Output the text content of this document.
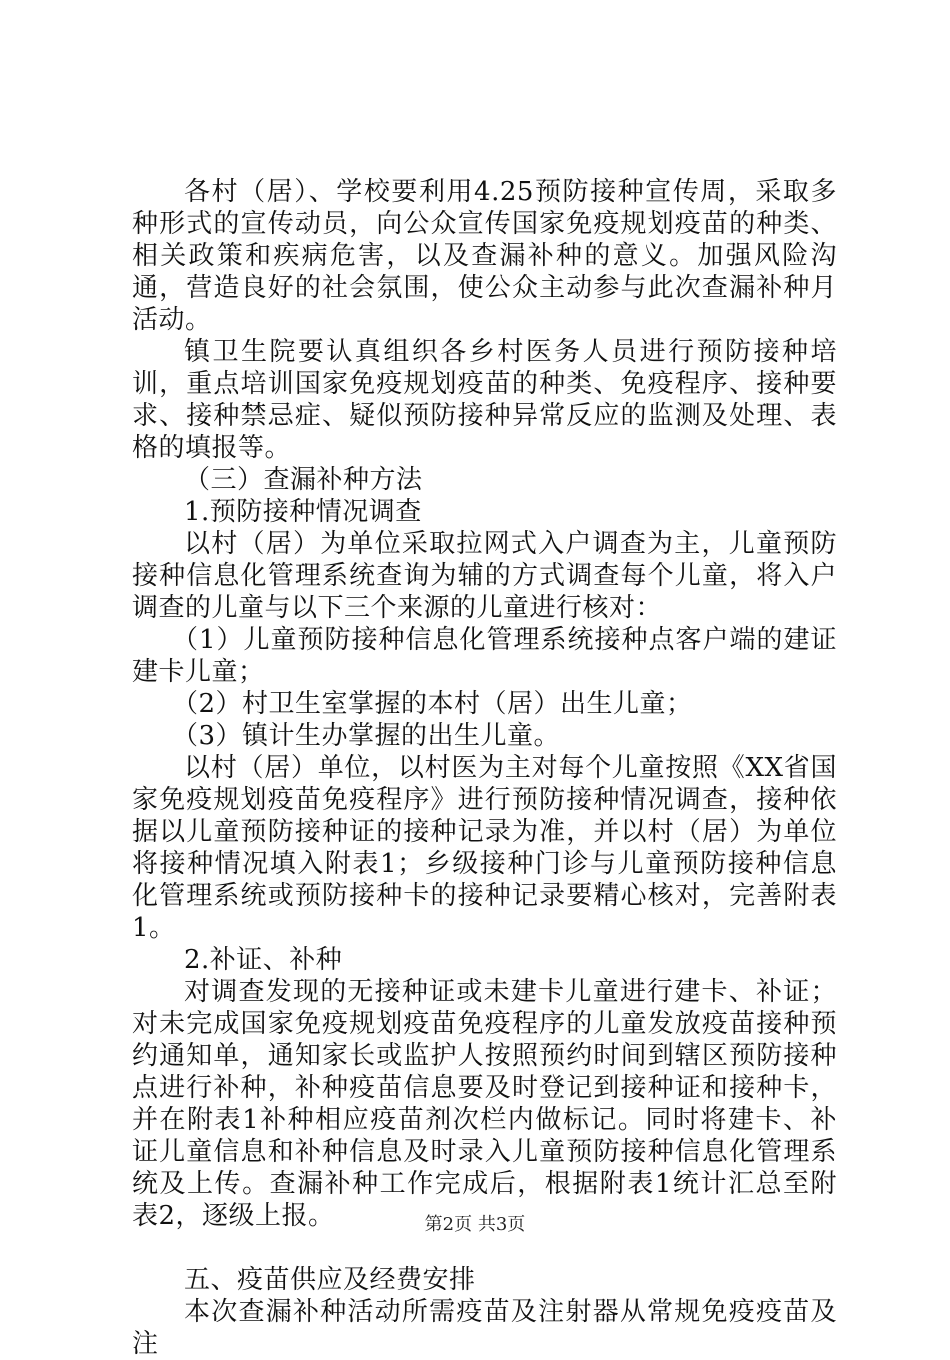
各村（居）、学校要利用4.25预防接种宣传周，采取多种形式的宣传动员，向公众宣传国家免疫规划疫苗的种类、相关政策和疾病危害，以及查漏补种的意义。加强风险沟通，营造良好的社会氛围，使公众主动参与此次查漏补种月活动。

镇卫生院要认真组织各乡村医务人员进行预防接种培训，重点培训国家免疫规划疫苗的种类、免疫程序、接种要求、接种禁忌症、疑似预防接种异常反应的监测及处理、表格的填报等。

（三）查漏补种方法

1.预防接种情况调查

以村（居）为单位采取拉网式入户调查为主，儿童预防接种信息化管理系统查询为辅的方式调查每个儿童，将入户调查的儿童与以下三个来源的儿童进行核对：

（1）儿童预防接种信息化管理系统接种点客户端的建证建卡儿童；

（2）村卫生室掌握的本村（居）出生儿童；

（3）镇计生办掌握的出生儿童。

以村（居）单位，以村医为主对每个儿童按照《XX省国家免疫规划疫苗免疫程序》进行预防接种情况调查，接种依据以儿童预防接种证的接种记录为准，并以村（居）为单位将接种情况填入附表1；乡级接种门诊与儿童预防接种信息化管理系统或预防接种卡的接种记录要精心核对，完善附表1。

2.补证、补种

对调查发现的无接种证或未建卡儿童进行建卡、补证；对未完成国家免疫规划疫苗免疫程序的儿童发放疫苗接种预约通知单，通知家长或监护人按照预约时间到辖区预防接种点进行补种，补种疫苗信息要及时登记到接种证和接种卡，并在附表1补种相应疫苗剂次栏内做标记。同时将建卡、补证儿童信息和补种信息及时录入儿童预防接种信息化管理系统及上传。查漏补种工作完成后，根据附表1统计汇总至附表2，逐级上报。

五、疫苗供应及经费安排

本次查漏补种活动所需疫苗及注射器从常规免疫疫苗及注

第2页 共3页
